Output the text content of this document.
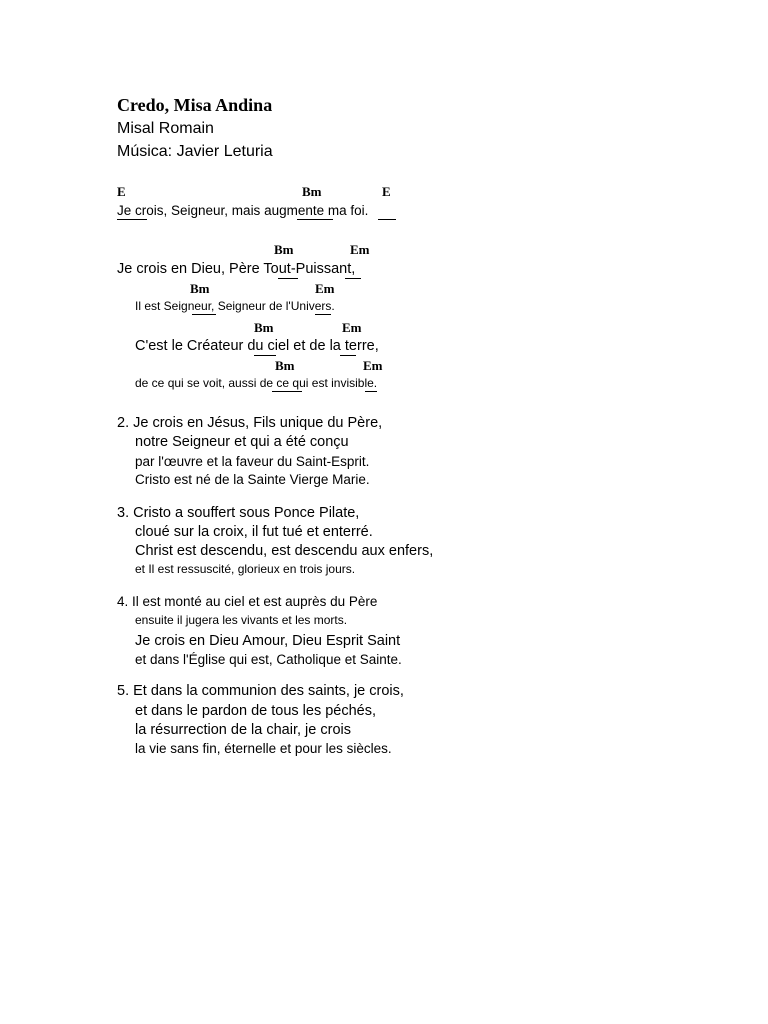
Credo, Misa Andina
Misal Romain
Música: Javier Leturia
E	Bm	E
Je crois, Seigneur, mais augmente ma foi.
Bm	Em
Je crois en Dieu, Père Tout-Puissant,
Bm	Em
Il est Seigneur, Seigneur de l'Univers.
Bm	Em
C'est le Créateur du ciel et de la terre,
Bm	Em
de ce qui se voit, aussi de ce qui est invisible.
2. Je crois en Jésus, Fils unique du Père,
notre Seigneur et qui a été conçu
par l'œuvre et la faveur du Saint-Esprit.
Cristo est né de la Sainte Vierge Marie.
3. Cristo a souffert sous Ponce Pilate,
cloué sur la croix, il fut tué et enterré.
Christ est descendu, est descendu aux enfers,
et Il est ressuscité, glorieux en trois jours.
4. Il est monté au ciel et est auprès du Père
ensuite il jugera les vivants et les morts.
Je crois en Dieu Amour, Dieu Esprit Saint
et dans l'Église qui est, Catholique et Sainte.
5. Et dans la communion des saints, je crois,
et dans le pardon de tous les péchés,
la résurrection de la chair, je crois
la vie sans fin, éternelle et pour les siècles.
